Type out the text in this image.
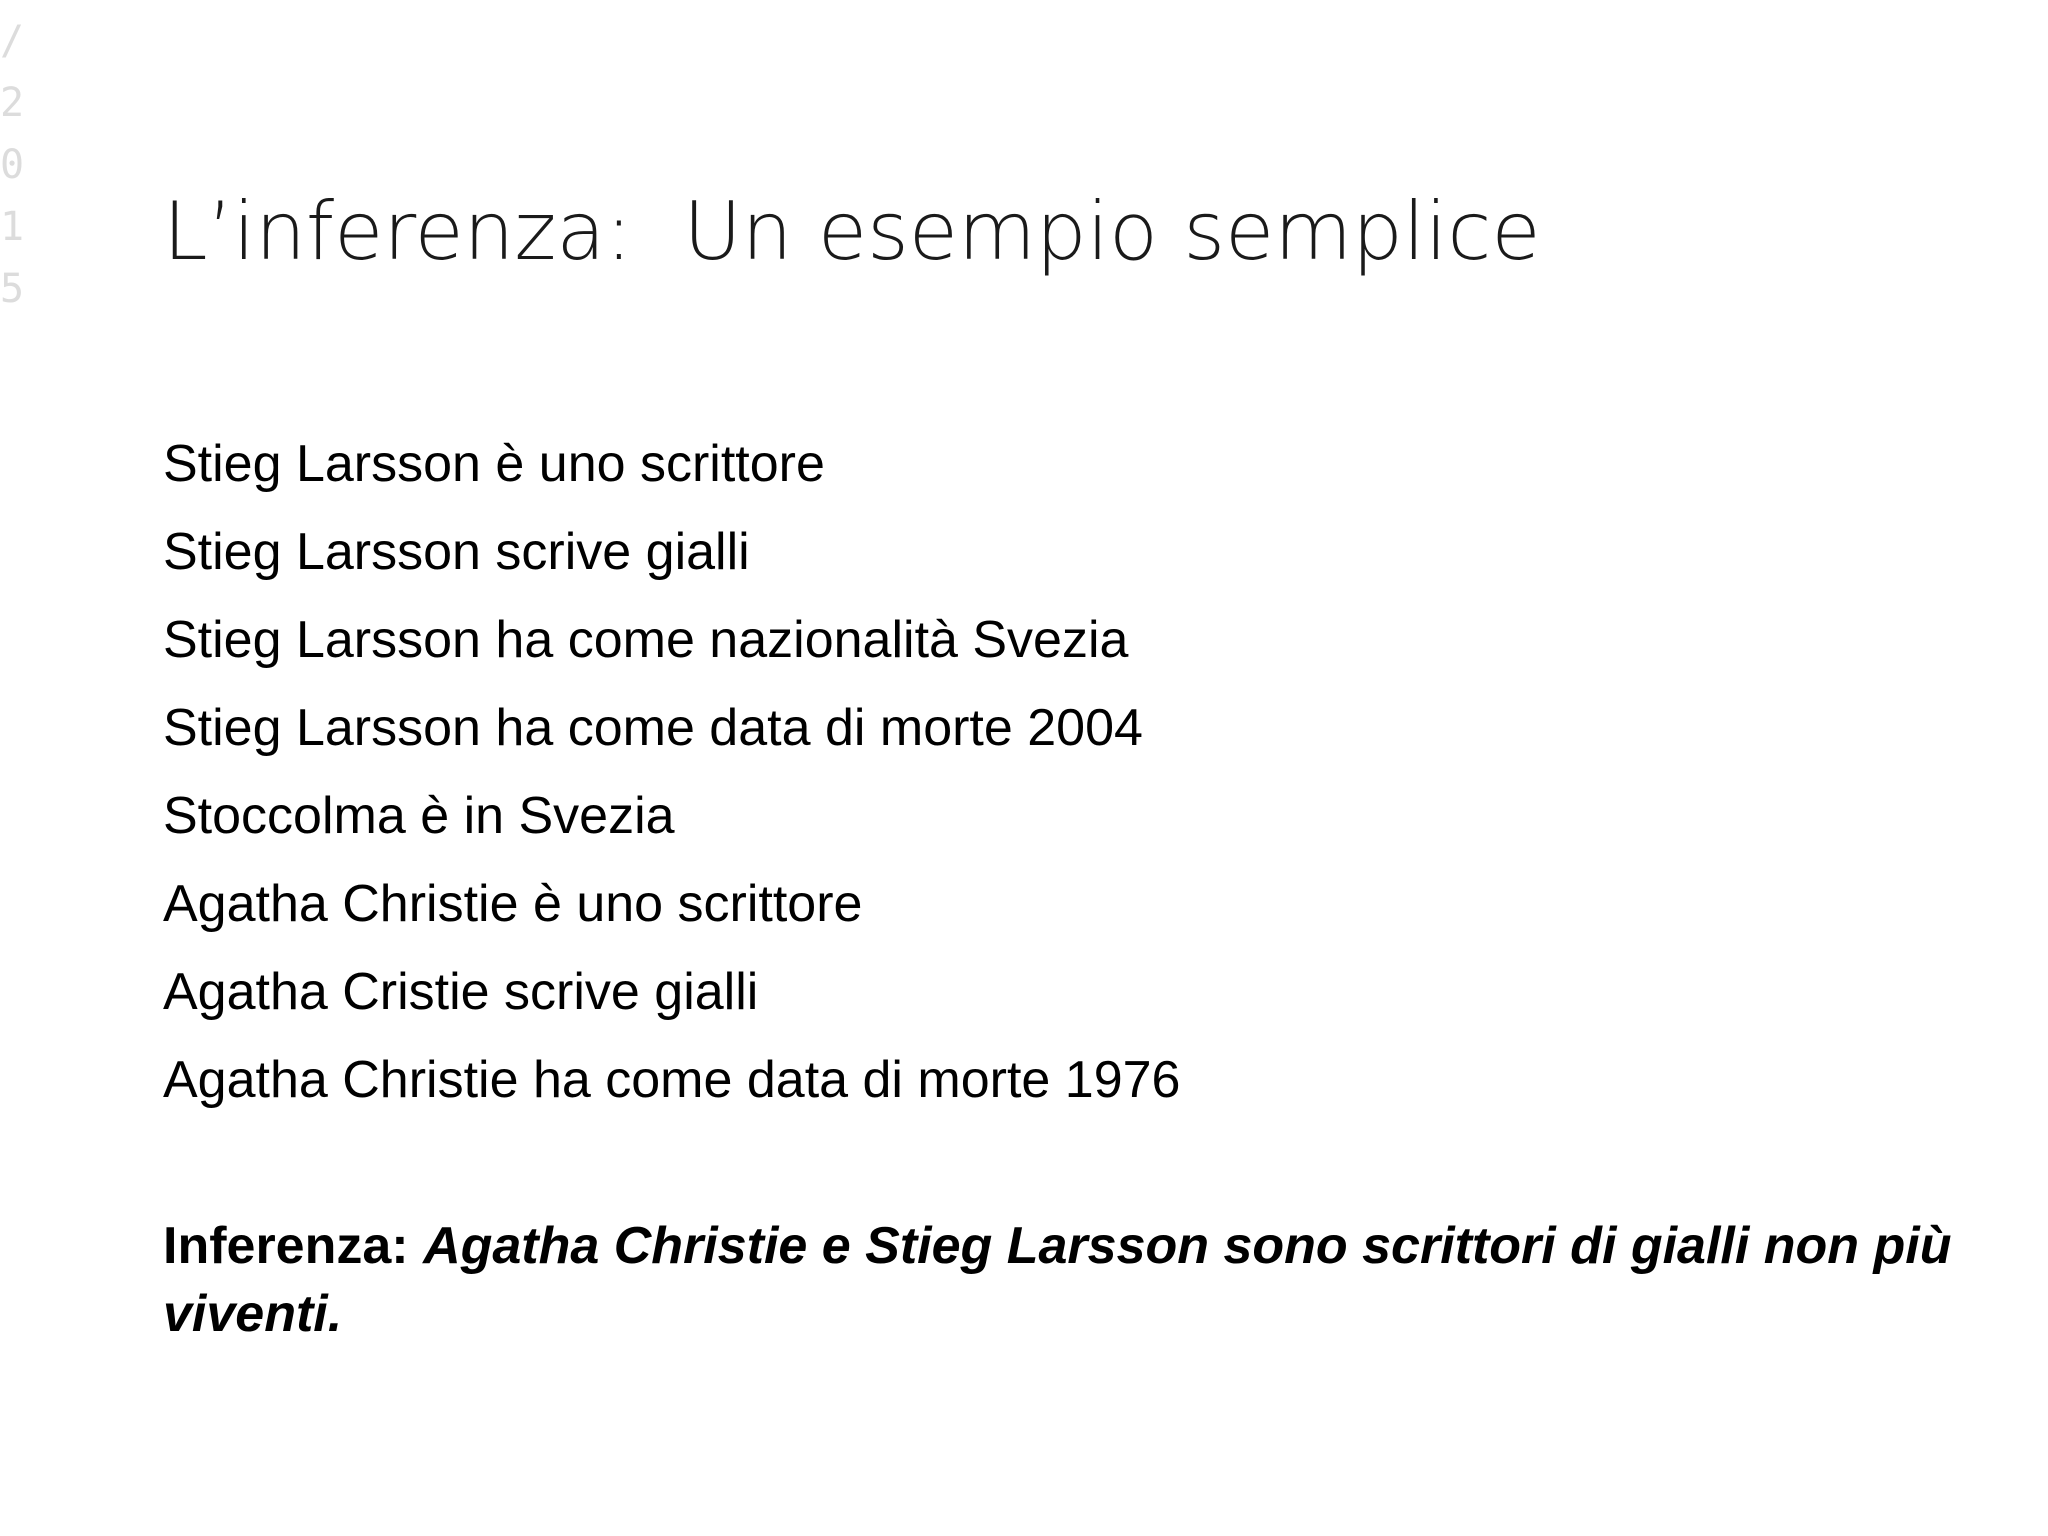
/
2
0
1
5
L’inferenza:  Un esempio semplice
Stieg Larsson è uno scrittore
Stieg Larsson scrive gialli
Stieg Larsson ha come nazionalità Svezia
Stieg Larsson ha come data di morte 2004
Stoccolma è in Svezia
Agatha Christie è uno scrittore
Agatha Cristie scrive gialli
Agatha Christie ha come data di morte 1976

Inferenza: Agatha Christie e Stieg Larsson sono scrittori di gialli non più viventi.
